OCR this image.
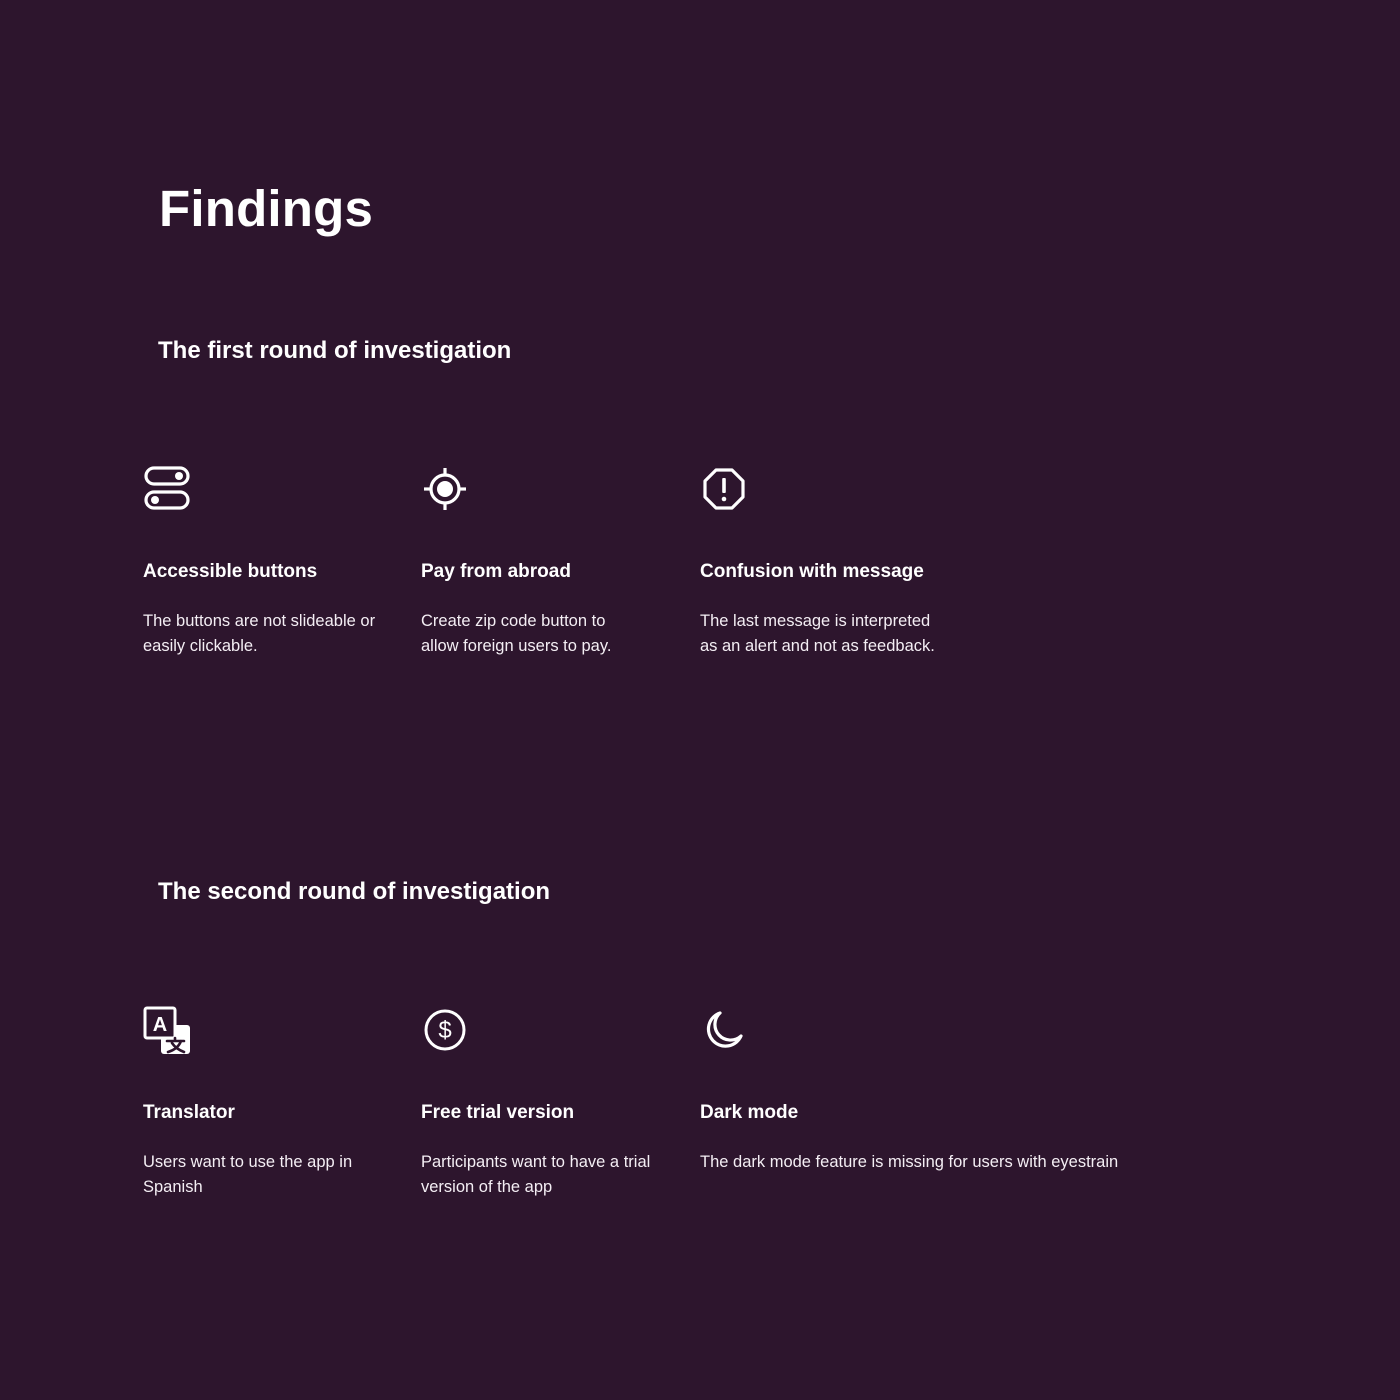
Findings
The first round of investigation
Accessible buttons

The buttons are not slideable or easily clickable.

Pay from abroad

Create zip code button to allow foreign users to pay.

Confusion with message

The last message is interpreted as an alert and not as feedback.

The second round of investigation
A
Translator

Users want to use the app in Spanish

$
Free trial version

Participants want to have a trial version of the app

Dark mode

The dark mode feature is missing for users with eyestrain
